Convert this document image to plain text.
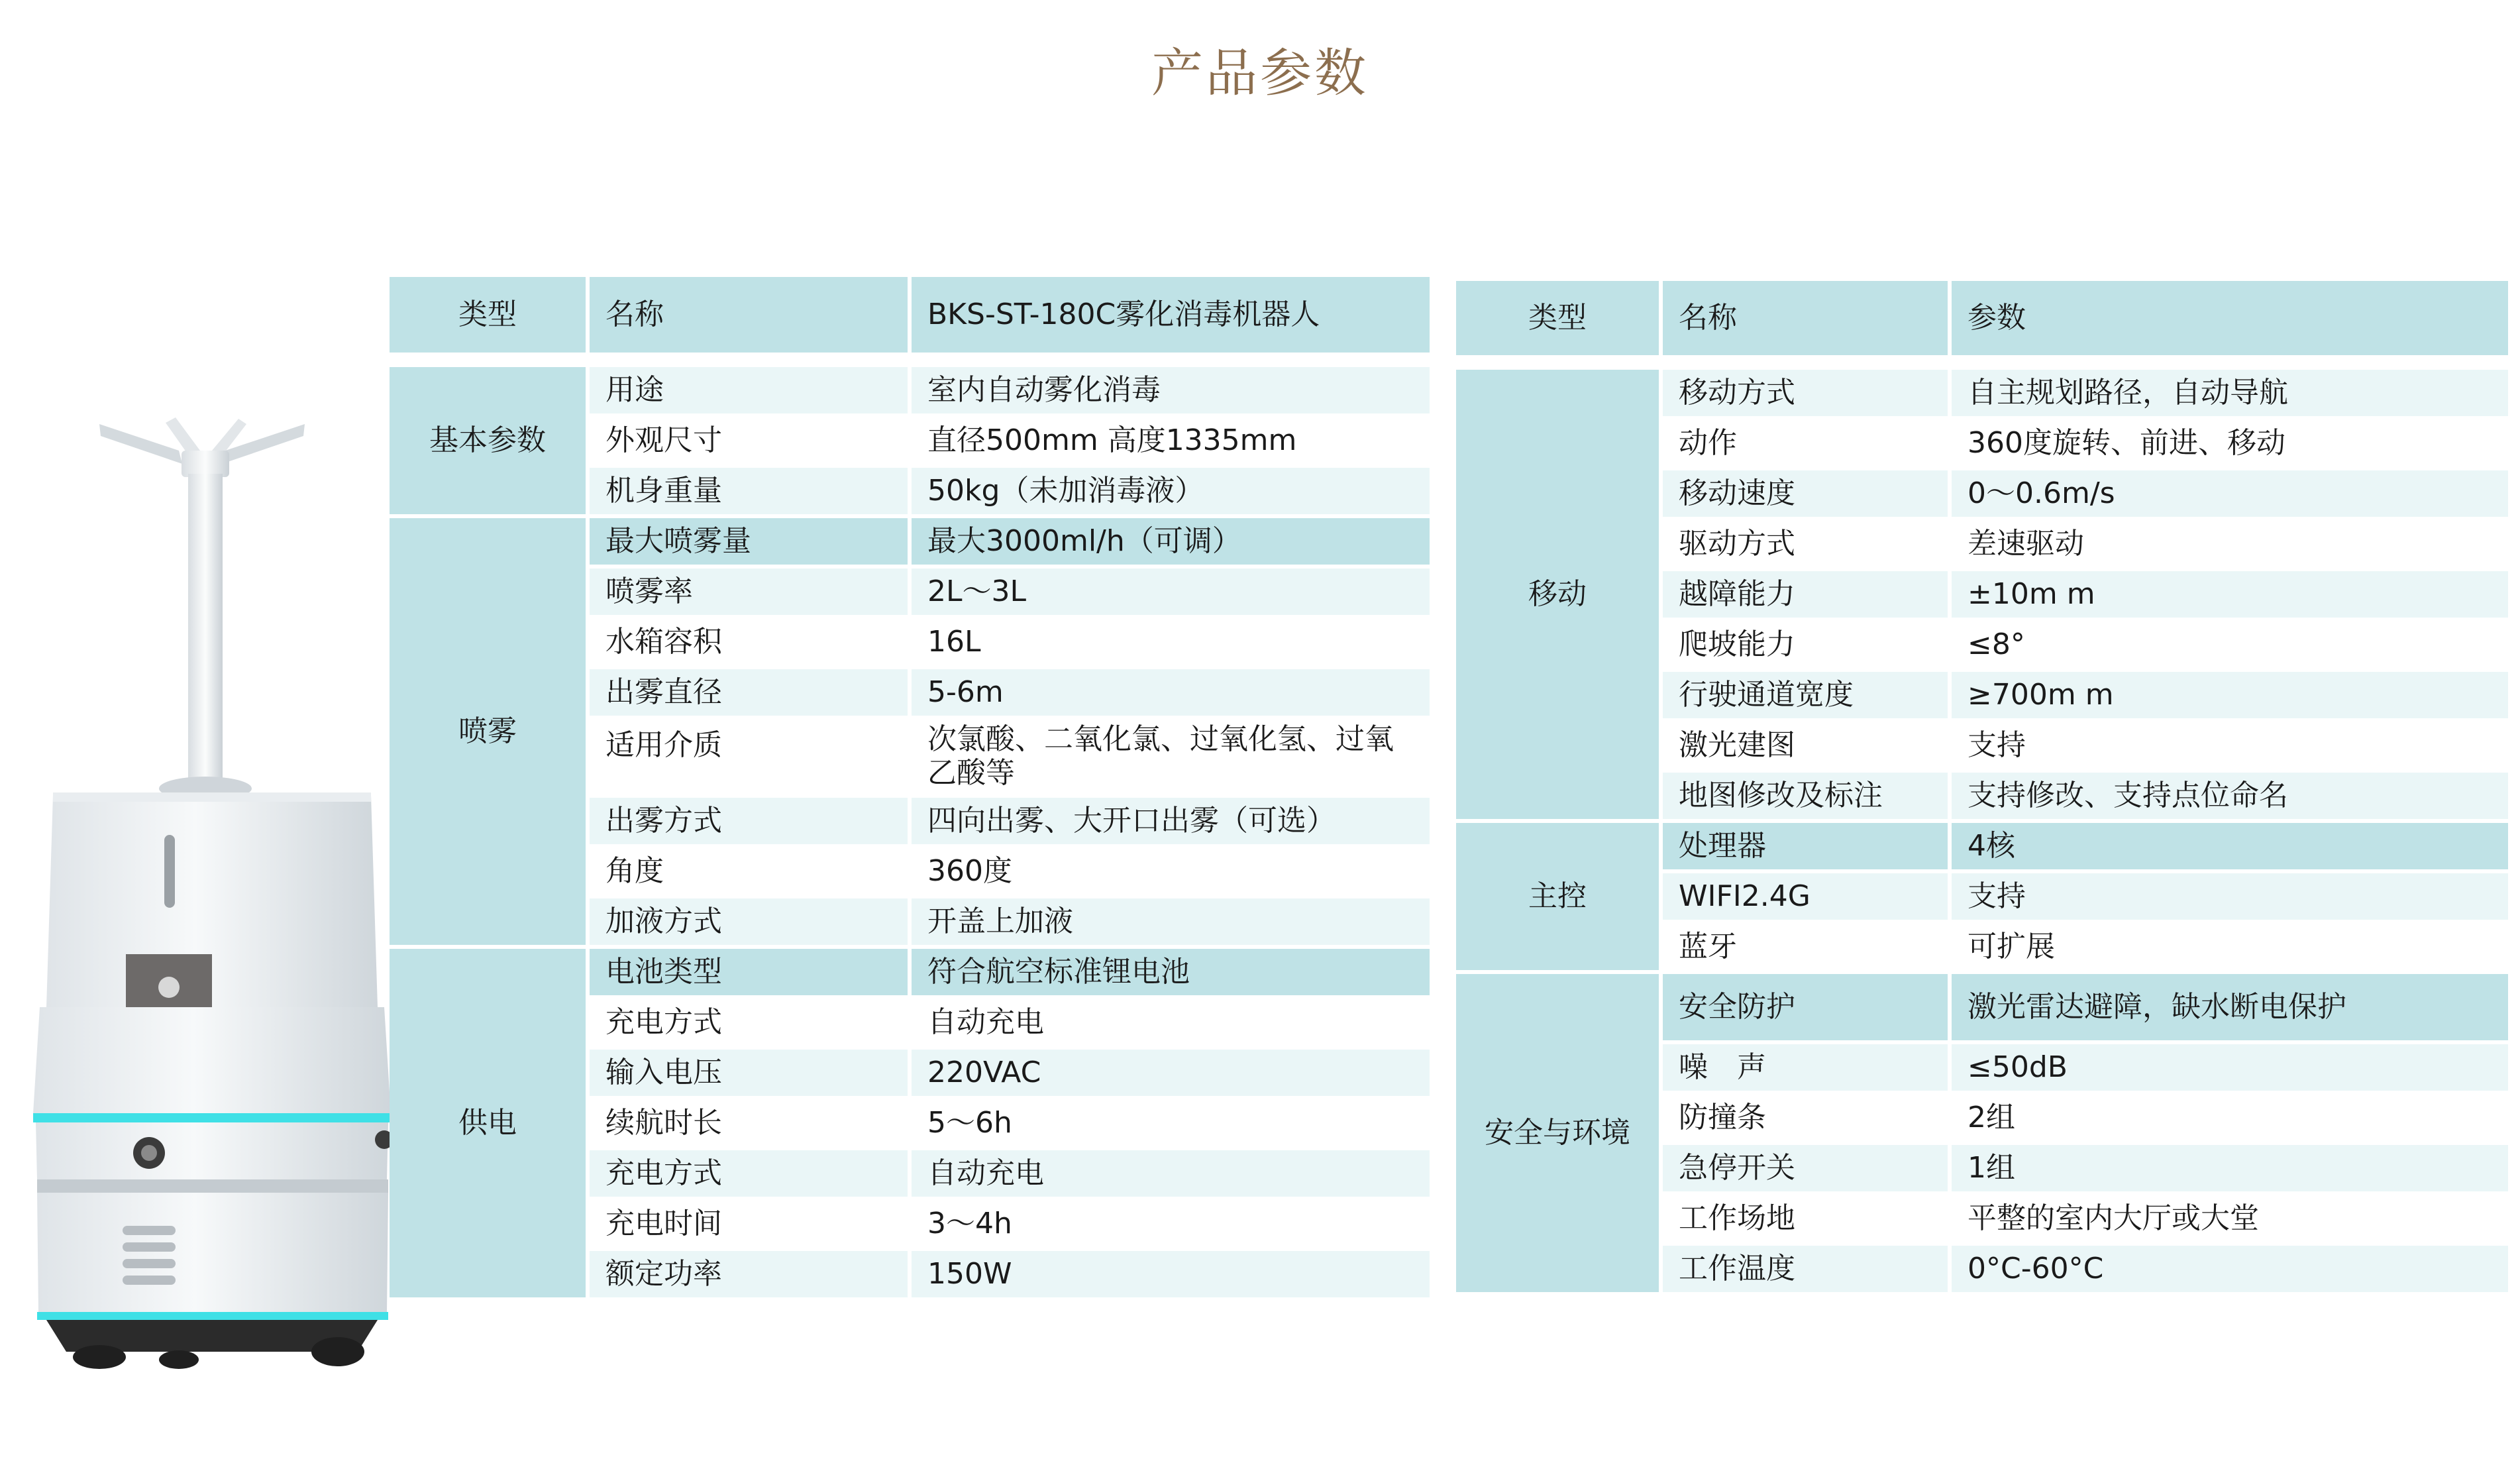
产品参数
类型	名称	BKS-ST-180C雾化消毒机器人

基本参数	用途	室内自动雾化消毒
	外观尺寸	直径500mm 高度1335mm
	机身重量	50kg（未加消毒液）
喷雾	最大喷雾量	最大3000ml/h（可调）
	喷雾率	2L～3L
	水箱容积	16L
	出雾直径	5-6m
	适用介质	次氯酸、二氧化氯、过氧化氢、过氧乙酸等
	出雾方式	四向出雾、大开口出雾（可选）
	角度	360度
	加液方式	开盖上加液
供电	电池类型	符合航空标准锂电池
	充电方式	自动充电
	输入电压	220VAC
	续航时长	5～6h
	充电方式	自动充电
	充电时间	3～4h
	额定功率	150W
类型	名称	参数

移动	移动方式	自主规划路径，自动导航
	动作	360度旋转、前进、移动
	移动速度	0～0.6m/s
	驱动方式	差速驱动
	越障能力	±10m m
	爬坡能力	≤8°
	行驶通道宽度	≥700m m
	激光建图	支持
	地图修改及标注	支持修改、支持点位命名
主控	处理器	4核
	WIFI2.4G	支持
	蓝牙	可扩展
安全与环境	安全防护	激光雷达避障，缺水断电保护
	噪　声	≤50dB
	防撞条	2组
	急停开关	1组
	工作场地	平整的室内大厅或大堂
	工作温度	0°C-60°C
